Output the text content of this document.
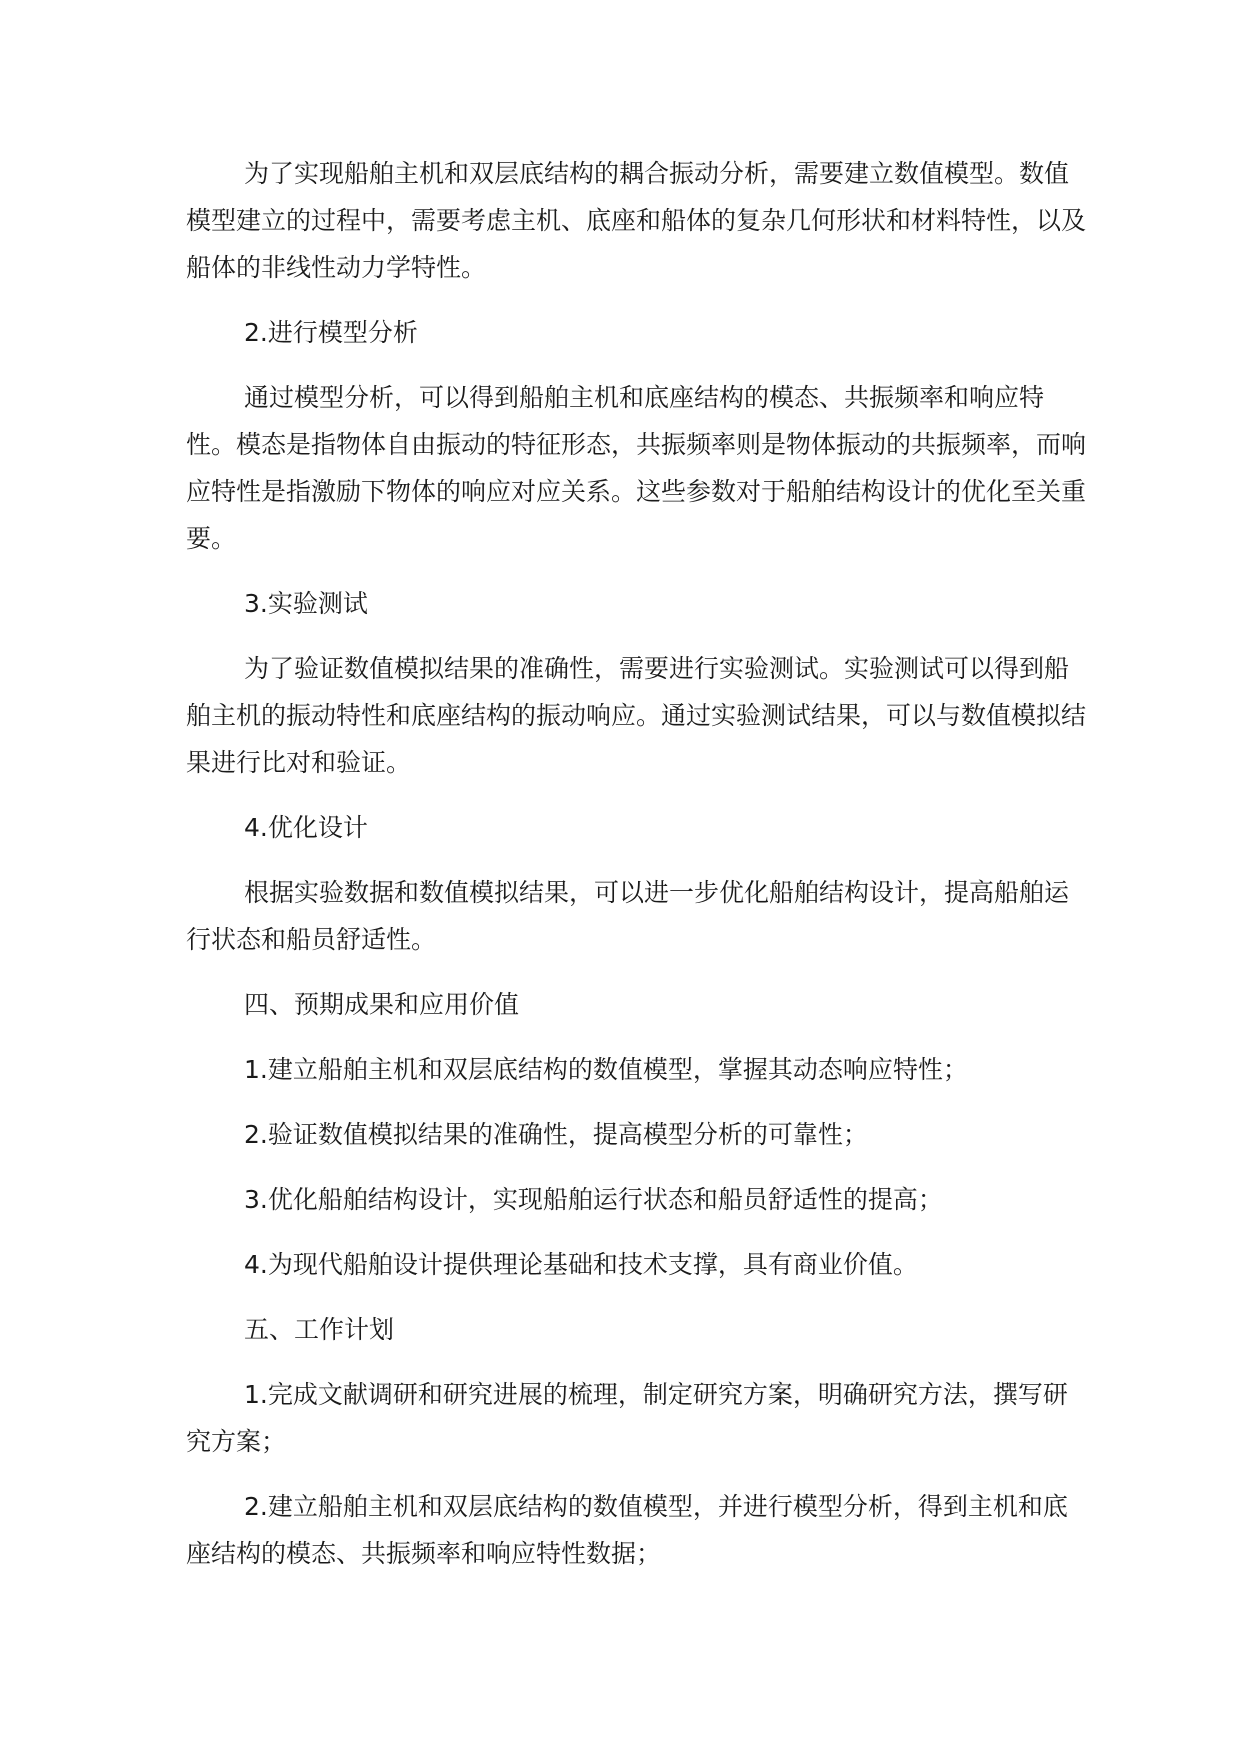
为了实现船舶主机和双层底结构的耦合振动分析，需要建立数值模型。数值模型建立的过程中，需要考虑主机、底座和船体的复杂几何形状和材料特性，以及船体的非线性动力学特性。

2.进行模型分析

通过模型分析，可以得到船舶主机和底座结构的模态、共振频率和响应特性。模态是指物体自由振动的特征形态，共振频率则是物体振动的共振频率，而响应特性是指激励下物体的响应对应关系。这些参数对于船舶结构设计的优化至关重要。

3.实验测试

为了验证数值模拟结果的准确性，需要进行实验测试。实验测试可以得到船舶主机的振动特性和底座结构的振动响应。通过实验测试结果，可以与数值模拟结果进行比对和验证。

4.优化设计

根据实验数据和数值模拟结果，可以进一步优化船舶结构设计，提高船舶运行状态和船员舒适性。

四、预期成果和应用价值

1.建立船舶主机和双层底结构的数值模型，掌握其动态响应特性；

2.验证数值模拟结果的准确性，提高模型分析的可靠性；

3.优化船舶结构设计，实现船舶运行状态和船员舒适性的提高；

4.为现代船舶设计提供理论基础和技术支撑，具有商业价值。

五、工作计划

1.完成文献调研和研究进展的梳理，制定研究方案，明确研究方法，撰写研究方案；

2.建立船舶主机和双层底结构的数值模型，并进行模型分析，得到主机和底座结构的模态、共振频率和响应特性数据；
